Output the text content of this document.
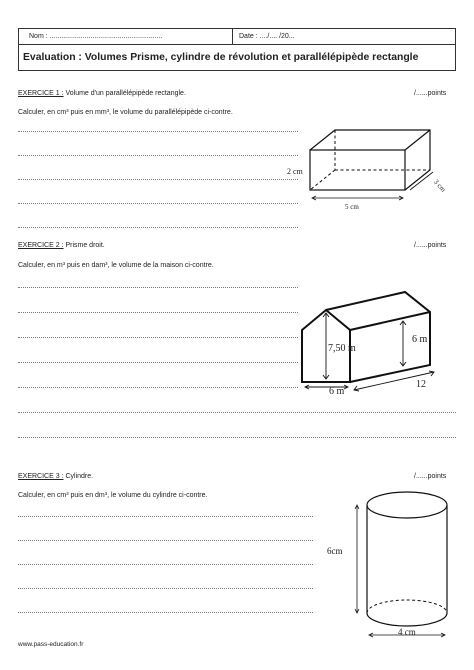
Nom : ..........................................................	Date : ..../.... /20...
Evaluation : Volumes Prisme, cylindre de révolution et parallélépipède rectangle
EXERCICE 1 : Volume d'un parallélépipède rectangle.	/......points
Calculer, en cm³ puis en mm³, le volume du parallélépipède ci-contre.
2 cm
3 cm
5 cm
EXERCICE 2 : Prisme droit.	/......points
Calculer, en m³ puis en dam³, le volume de la maison ci-contre.
7,50 m
6 m
6 m
12
EXERCICE 3 : Cylindre.	/......points
Calculer, en cm³ puis en dm³, le volume du cylindre ci-contre.
6cm
4 cm
www.pass-education.fr
